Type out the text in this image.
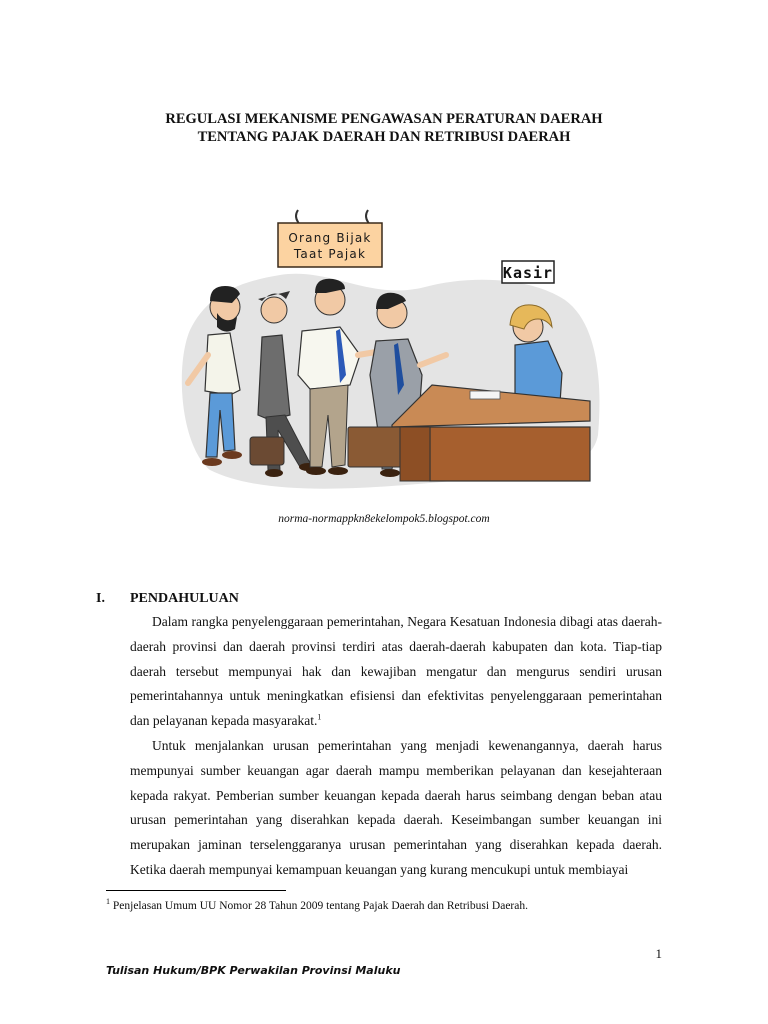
REGULASI MEKANISME PENGAWASAN PERATURAN DAERAH
TENTANG PAJAK DAERAH DAN RETRIBUSI DAERAH
Orang Bijak
Taat Pajak
Kasir
norma-normappkn8ekelompok5.blogspot.com
I. PENDAHULUAN

Dalam rangka penyelenggaraan pemerintahan, Negara Kesatuan Indonesia dibagi atas daerah-daerah provinsi dan daerah provinsi terdiri atas daerah-daerah kabupaten dan kota. Tiap-tiap daerah tersebut mempunyai hak dan kewajiban mengatur dan mengurus sendiri urusan pemerintahannya untuk meningkatkan efisiensi dan efektivitas penyelenggaraan pemerintahan dan pelayanan kepada masyarakat.$^1$

Untuk menjalankan urusan pemerintahan yang menjadi kewenangannya, daerah harus mempunyai sumber keuangan agar daerah mampu memberikan pelayanan dan kesejahteraan kepada rakyat. Pemberian sumber keuangan kepada daerah harus seimbang dengan beban atau urusan pemerintahan yang diserahkan kepada daerah. Keseimbangan sumber keuangan ini merupakan jaminan terselenggaranya urusan pemerintahan yang diserahkan kepada daerah. Ketika daerah mempunyai kemampuan keuangan yang kurang mencukupi untuk membiayai

$^1$ Penjelasan Umum UU Nomor 28 Tahun 2009 tentang Pajak Daerah dan Retribusi Daerah.
1
Tulisan Hukum/BPK Perwakilan Provinsi Maluku
